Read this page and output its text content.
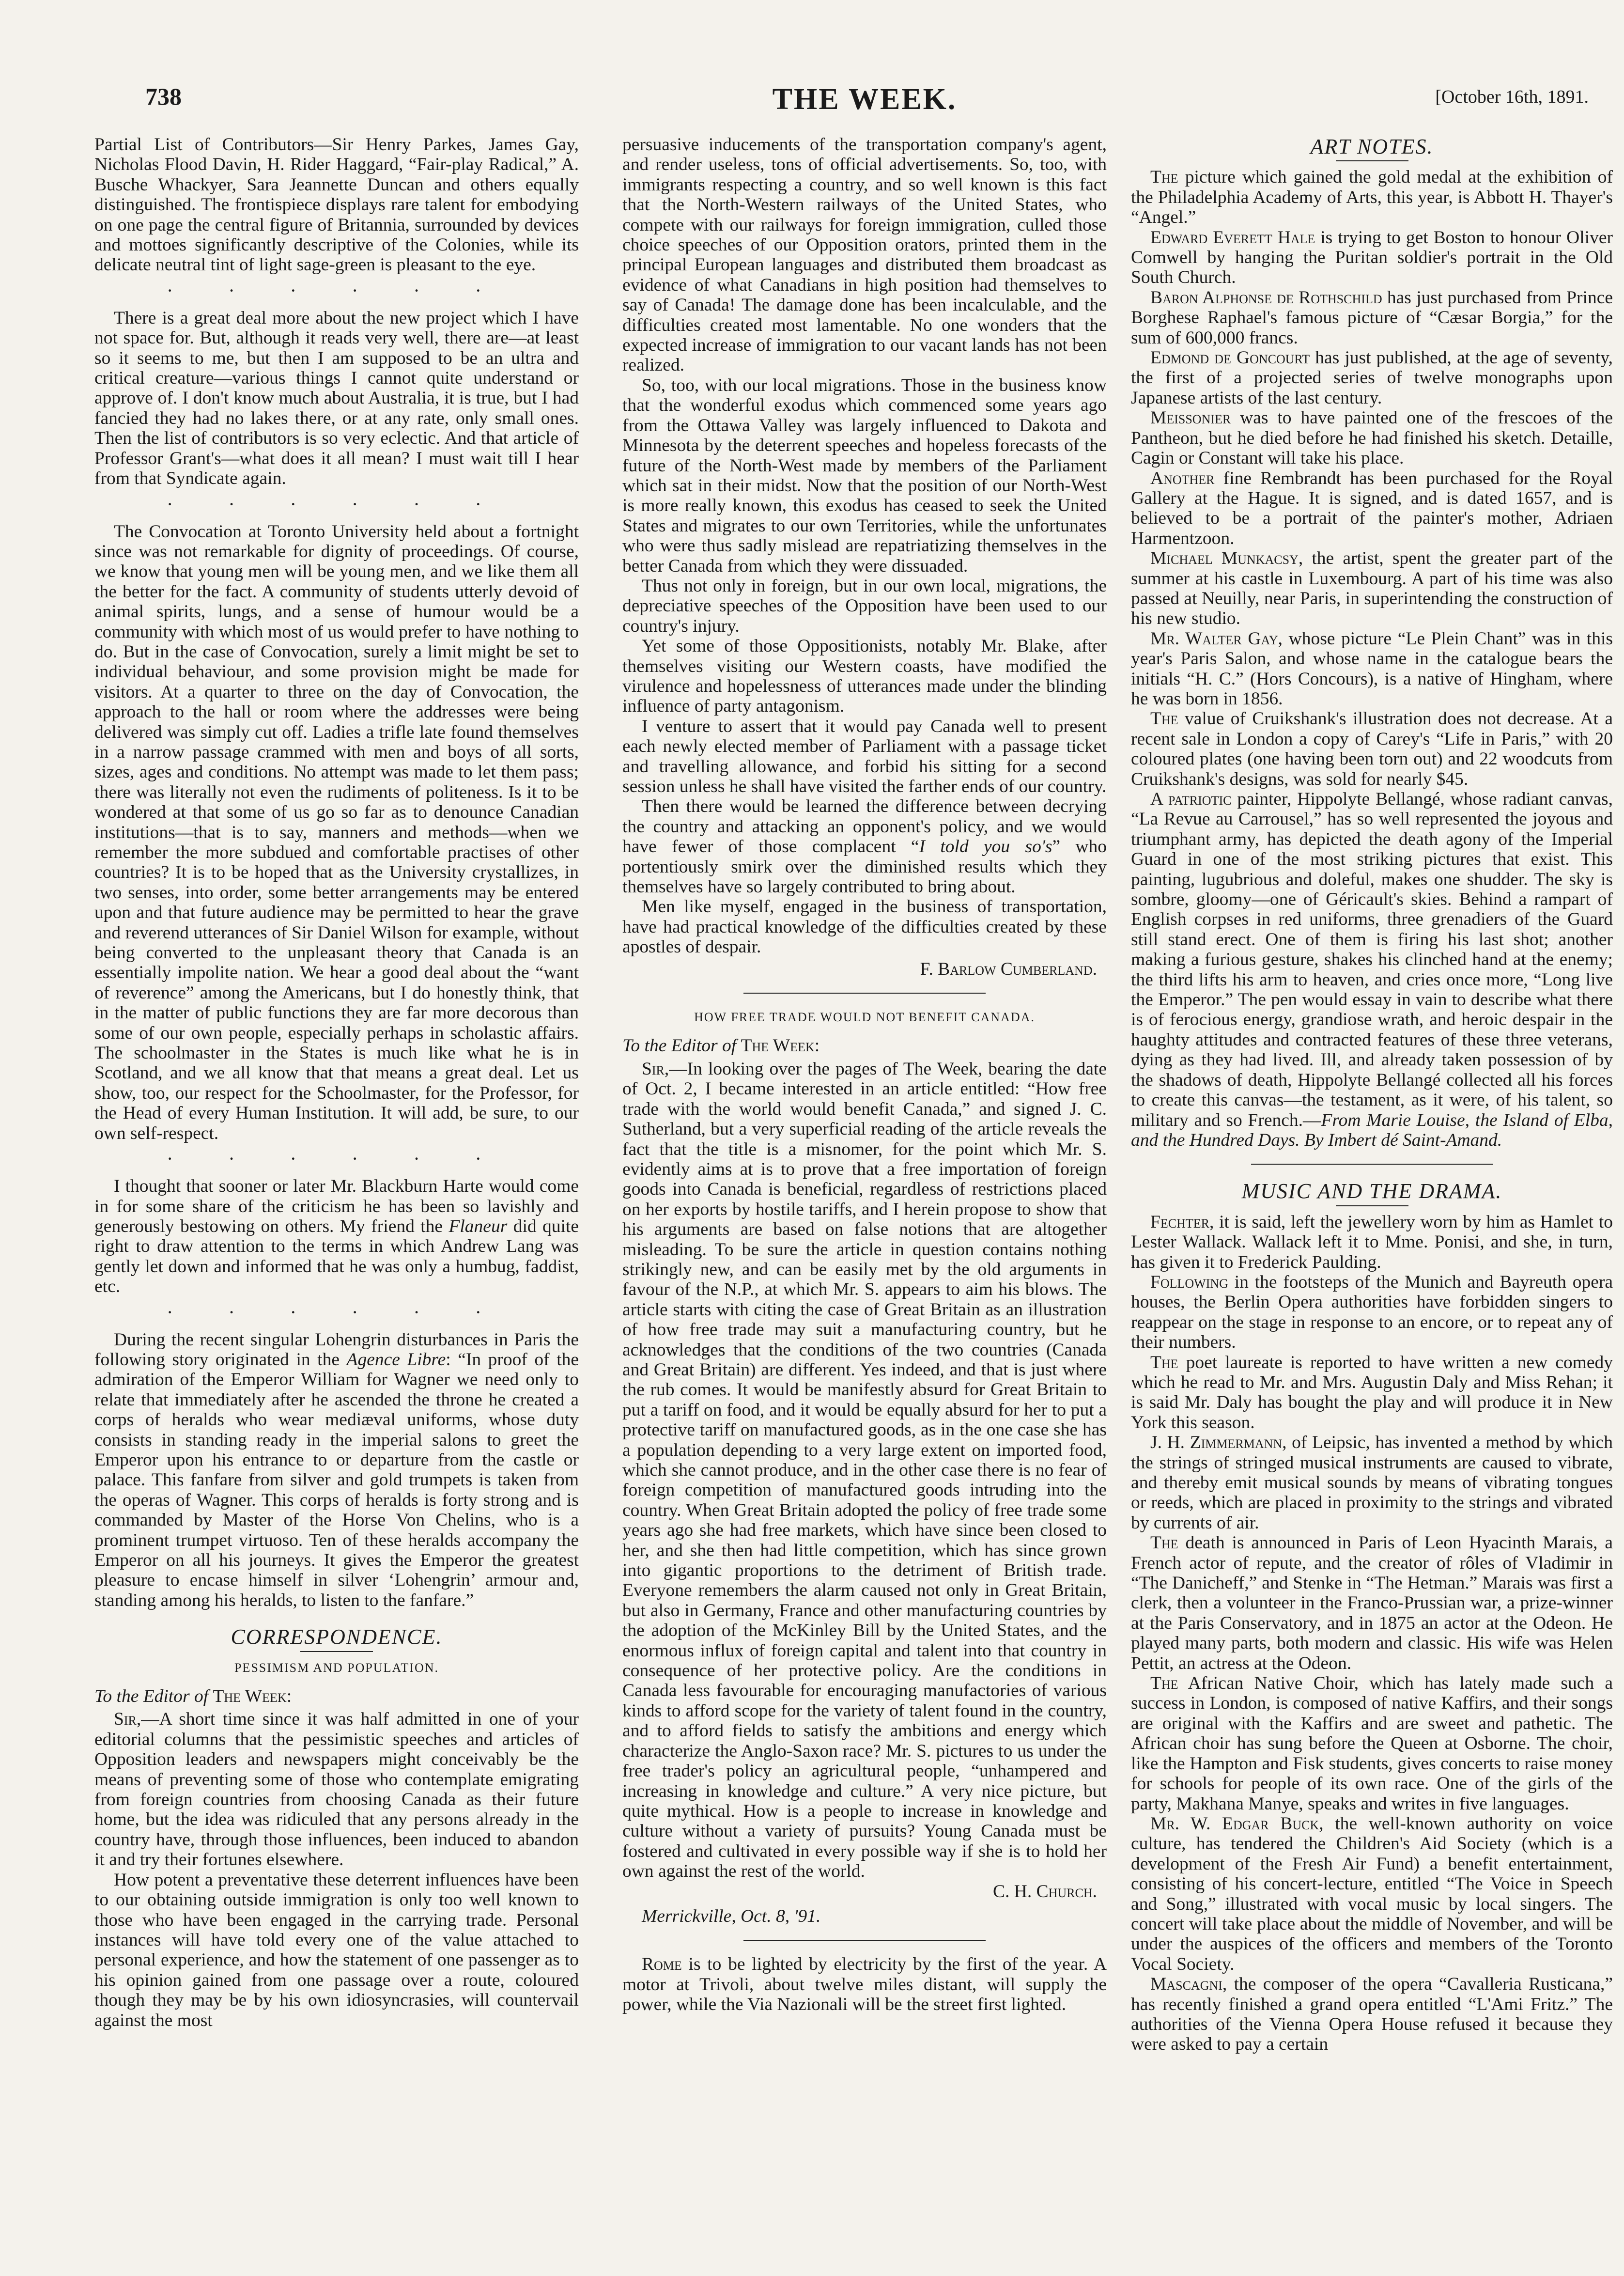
738	THE WEEK.	[October 16th, 1891.

Partial List of Contributors—Sir Henry Parkes, James Gay, Nicholas Flood Davin, H. Rider Haggard, “Fair-play Radical,” A. Busche Whackyer, Sara Jeannette Duncan and others equally distinguished. The frontispiece displays rare talent for embodying on one page the central figure of Britannia, surrounded by devices and mottoes significantly descriptive of the Colonies, while its delicate neutral tint of light sage-green is pleasant to the eye.

· · · · · ·

There is a great deal more about the new project which I have not space for. But, although it reads very well, there are—at least so it seems to me, but then I am supposed to be an ultra and critical creature—various things I cannot quite understand or approve of. I don't know much about Australia, it is true, but I had fancied they had no lakes there, or at any rate, only small ones. Then the list of contributors is so very eclectic. And that article of Professor Grant's—what does it all mean? I must wait till I hear from that Syndicate again.

· · · · · ·

The Convocation at Toronto University held about a fortnight since was not remarkable for dignity of proceedings. Of course, we know that young men will be young men, and we like them all the better for the fact. A community of students utterly devoid of animal spirits, lungs, and a sense of humour would be a community with which most of us would prefer to have nothing to do. But in the case of Convocation, surely a limit might be set to individual behaviour, and some provision might be made for visitors. At a quarter to three on the day of Convocation, the approach to the hall or room where the addresses were being delivered was simply cut off. Ladies a trifle late found themselves in a narrow passage crammed with men and boys of all sorts, sizes, ages and conditions. No attempt was made to let them pass; there was literally not even the rudiments of politeness. Is it to be wondered at that some of us go so far as to denounce Canadian institutions—that is to say, manners and methods—when we remember the more subdued and comfortable practises of other countries? It is to be hoped that as the University crystallizes, in two senses, into order, some better arrangements may be entered upon and that future audience may be permitted to hear the grave and reverend utterances of Sir Daniel Wilson for example, without being converted to the unpleasant theory that Canada is an essentially impolite nation. We hear a good deal about the “want of reverence” among the Americans, but I do honestly think, that in the matter of public functions they are far more decorous than some of our own people, especially perhaps in scholastic affairs. The schoolmaster in the States is much like what he is in Scotland, and we all know that that means a great deal. Let us show, too, our respect for the Schoolmaster, for the Professor, for the Head of every Human Institution. It will add, be sure, to our own self-respect.

· · · · · ·

I thought that sooner or later Mr. Blackburn Harte would come in for some share of the criticism he has been so lavishly and generously bestowing on others. My friend the Flaneur did quite right to draw attention to the terms in which Andrew Lang was gently let down and informed that he was only a humbug, faddist, etc.

· · · · · ·

During the recent singular Lohengrin disturbances in Paris the following story originated in the Agence Libre: “In proof of the admiration of the Emperor William for Wagner we need only to relate that immediately after he ascended the throne he created a corps of heralds who wear mediæval uniforms, whose duty consists in standing ready in the imperial salons to greet the Emperor upon his entrance to or departure from the castle or palace. This fanfare from silver and gold trumpets is taken from the operas of Wagner. This corps of heralds is forty strong and is commanded by Master of the Horse Von Chelins, who is a prominent trumpet virtuoso. Ten of these heralds accompany the Emperor on all his journeys. It gives the Emperor the greatest pleasure to encase himself in silver ‘Lohengrin’ armour and, standing among his heralds, to listen to the fanfare.”

CORRESPONDENCE.
PESSIMISM AND POPULATION.
To the Editor of The Week:

Sir,—A short time since it was half admitted in one of your editorial columns that the pessimistic speeches and articles of Opposition leaders and newspapers might conceivably be the means of preventing some of those who contemplate emigrating from foreign countries from choosing Canada as their future home, but the idea was ridiculed that any persons already in the country have, through those influences, been induced to abandon it and try their fortunes elsewhere.

How potent a preventative these deterrent influences have been to our obtaining outside immigration is only too well known to those who have been engaged in the carrying trade. Personal instances will have told every one of the value attached to personal experience, and how the statement of one passenger as to his opinion gained from one passage over a route, coloured though they may be by his own idiosyncrasies, will countervail against the most

persuasive inducements of the transportation company's agent, and render useless, tons of official advertisements. So, too, with immigrants respecting a country, and so well known is this fact that the North-Western railways of the United States, who compete with our railways for foreign immigration, culled those choice speeches of our Opposition orators, printed them in the principal European languages and distributed them broadcast as evidence of what Canadians in high position had themselves to say of Canada! The damage done has been incalculable, and the difficulties created most lamentable. No one wonders that the expected increase of immigration to our vacant lands has not been realized.

So, too, with our local migrations. Those in the business know that the wonderful exodus which commenced some years ago from the Ottawa Valley was largely influenced to Dakota and Minnesota by the deterrent speeches and hopeless forecasts of the future of the North-West made by members of the Parliament which sat in their midst. Now that the position of our North-West is more really known, this exodus has ceased to seek the United States and migrates to our own Territories, while the unfortunates who were thus sadly mislead are repatriatizing themselves in the better Canada from which they were dissuaded.

Thus not only in foreign, but in our own local, migrations, the depreciative speeches of the Opposition have been used to our country's injury.

Yet some of those Oppositionists, notably Mr. Blake, after themselves visiting our Western coasts, have modified the virulence and hopelessness of utterances made under the blinding influence of party antagonism.

I venture to assert that it would pay Canada well to present each newly elected member of Parliament with a passage ticket and travelling allowance, and forbid his sitting for a second session unless he shall have visited the farther ends of our country.

Then there would be learned the difference between decrying the country and attacking an opponent's policy, and we would have fewer of those complacent “I told you so's” who portentiously smirk over the diminished results which they themselves have so largely contributed to bring about.

Men like myself, engaged in the business of transportation, have had practical knowledge of the difficulties created by these apostles of despair.

F. Barlow Cumberland.
HOW FREE TRADE WOULD NOT BENEFIT CANADA.
To the Editor of The Week:

Sir,—In looking over the pages of The Week, bearing the date of Oct. 2, I became interested in an article entitled: “How free trade with the world would benefit Canada,” and signed J. C. Sutherland, but a very superficial reading of the article reveals the fact that the title is a misnomer, for the point which Mr. S. evidently aims at is to prove that a free importation of foreign goods into Canada is beneficial, regardless of restrictions placed on her exports by hostile tariffs, and I herein propose to show that his arguments are based on false notions that are altogether misleading. To be sure the article in question contains nothing strikingly new, and can be easily met by the old arguments in favour of the N.P., at which Mr. S. appears to aim his blows. The article starts with citing the case of Great Britain as an illustration of how free trade may suit a manufacturing country, but he acknowledges that the conditions of the two countries (Canada and Great Britain) are different. Yes indeed, and that is just where the rub comes. It would be manifestly absurd for Great Britain to put a tariff on food, and it would be equally absurd for her to put a protective tariff on manufactured goods, as in the one case she has a population depending to a very large extent on imported food, which she cannot produce, and in the other case there is no fear of foreign competition of manufactured goods intruding into the country. When Great Britain adopted the policy of free trade some years ago she had free markets, which have since been closed to her, and she then had little competition, which has since grown into gigantic proportions to the detriment of British trade. Everyone remembers the alarm caused not only in Great Britain, but also in Germany, France and other manufacturing countries by the adoption of the McKinley Bill by the United States, and the enormous influx of foreign capital and talent into that country in consequence of her protective policy. Are the conditions in Canada less favourable for encouraging manufactories of various kinds to afford scope for the variety of talent found in the country, and to afford fields to satisfy the ambitions and energy which characterize the Anglo-Saxon race? Mr. S. pictures to us under the free trader's policy an agricultural people, “unhampered and increasing in knowledge and culture.” A very nice picture, but quite mythical. How is a people to increase in knowledge and culture without a variety of pursuits? Young Canada must be fostered and cultivated in every possible way if she is to hold her own against the rest of the world.

C. H. Church.
Merrickville, Oct. 8, '91.

Rome is to be lighted by electricity by the first of the year. A motor at Trivoli, about twelve miles distant, will supply the power, while the Via Nazionali will be the street first lighted.

ART NOTES.

The picture which gained the gold medal at the exhibition of the Philadelphia Academy of Arts, this year, is Abbott H. Thayer's “Angel.”

Edward Everett Hale is trying to get Boston to honour Oliver Comwell by hanging the Puritan soldier's portrait in the Old South Church.

Baron Alphonse de Rothschild has just purchased from Prince Borghese Raphael's famous picture of “Cæsar Borgia,” for the sum of 600,000 francs.

Edmond de Goncourt has just published, at the age of seventy, the first of a projected series of twelve monographs upon Japanese artists of the last century.

Meissonier was to have painted one of the frescoes of the Pantheon, but he died before he had finished his sketch. Detaille, Cagin or Constant will take his place.

Another fine Rembrandt has been purchased for the Royal Gallery at the Hague. It is signed, and is dated 1657, and is believed to be a portrait of the painter's mother, Adriaen Harmentzoon.

Michael Munkacsy, the artist, spent the greater part of the summer at his castle in Luxembourg. A part of his time was also passed at Neuilly, near Paris, in superintending the construction of his new studio.

Mr. Walter Gay, whose picture “Le Plein Chant” was in this year's Paris Salon, and whose name in the catalogue bears the initials “H. C.” (Hors Concours), is a native of Hingham, where he was born in 1856.

The value of Cruikshank's illustration does not decrease. At a recent sale in London a copy of Carey's “Life in Paris,” with 20 coloured plates (one having been torn out) and 22 woodcuts from Cruikshank's designs, was sold for nearly $45.

A patriotic painter, Hippolyte Bellangé, whose radiant canvas, “La Revue au Carrousel,” has so well represented the joyous and triumphant army, has depicted the death agony of the Imperial Guard in one of the most striking pictures that exist. This painting, lugubrious and doleful, makes one shudder. The sky is sombre, gloomy—one of Géricault's skies. Behind a rampart of English corpses in red uniforms, three grenadiers of the Guard still stand erect. One of them is firing his last shot; another making a furious gesture, shakes his clinched hand at the enemy; the third lifts his arm to heaven, and cries once more, “Long live the Emperor.” The pen would essay in vain to describe what there is of ferocious energy, grandiose wrath, and heroic despair in the haughty attitudes and contracted features of these three veterans, dying as they had lived. Ill, and already taken possession of by the shadows of death, Hippolyte Bellangé collected all his forces to create this canvas—the testament, as it were, of his talent, so military and so French.—From Marie Louise, the Island of Elba, and the Hundred Days. By Imbert dé Saint-Amand.

MUSIC AND THE DRAMA.

Fechter, it is said, left the jewellery worn by him as Hamlet to Lester Wallack. Wallack left it to Mme. Ponisi, and she, in turn, has given it to Frederick Paulding.

Following in the footsteps of the Munich and Bayreuth opera houses, the Berlin Opera authorities have forbidden singers to reappear on the stage in response to an encore, or to repeat any of their numbers.

The poet laureate is reported to have written a new comedy which he read to Mr. and Mrs. Augustin Daly and Miss Rehan; it is said Mr. Daly has bought the play and will produce it in New York this season.

J. H. Zimmermann, of Leipsic, has invented a method by which the strings of stringed musical instruments are caused to vibrate, and thereby emit musical sounds by means of vibrating tongues or reeds, which are placed in proximity to the strings and vibrated by currents of air.

The death is announced in Paris of Leon Hyacinth Marais, a French actor of repute, and the creator of rôles of Vladimir in “The Danicheff,” and Stenke in “The Hetman.” Marais was first a clerk, then a volunteer in the Franco-Prussian war, a prize-winner at the Paris Conservatory, and in 1875 an actor at the Odeon. He played many parts, both modern and classic. His wife was Helen Pettit, an actress at the Odeon.

The African Native Choir, which has lately made such a success in London, is composed of native Kaffirs, and their songs are original with the Kaffirs and are sweet and pathetic. The African choir has sung before the Queen at Osborne. The choir, like the Hampton and Fisk students, gives concerts to raise money for schools for people of its own race. One of the girls of the party, Makhana Manye, speaks and writes in five languages.

Mr. W. Edgar Buck, the well-known authority on voice culture, has tendered the Children's Aid Society (which is a development of the Fresh Air Fund) a benefit entertainment, consisting of his concert-lecture, entitled “The Voice in Speech and Song,” illustrated with vocal music by local singers. The concert will take place about the middle of November, and will be under the auspices of the officers and members of the Toronto Vocal Society.

Mascagni, the composer of the opera “Cavalleria Rusticana,” has recently finished a grand opera entitled “L'Ami Fritz.” The authorities of the Vienna Opera House refused it because they were asked to pay a certain
